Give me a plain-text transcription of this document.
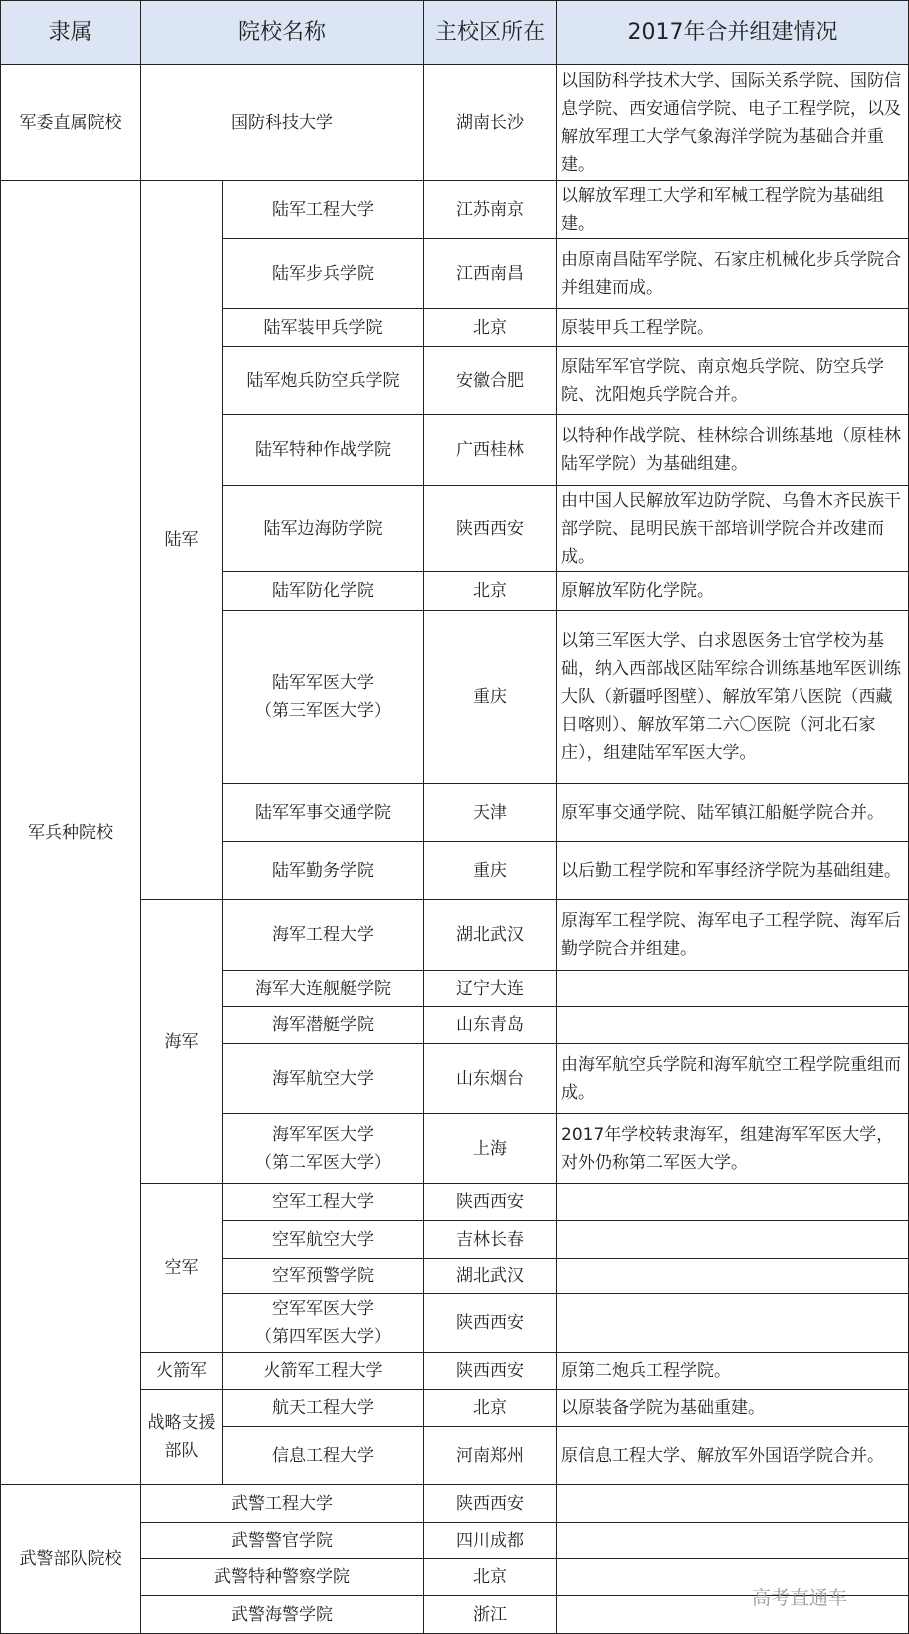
隶属	院校名称		主校区所在	2017年合并组建情况
军委直属院校	国防科技大学		湖南长沙	以国防科学技术大学、国际关系学院、国防信息学院、西安通信学院、电子工程学院，以及解放军理工大学气象海洋学院为基础合并重建。
军兵种院校	陆军	陆军工程大学	江苏南京	以解放军理工大学和军械工程学院为基础组建。
		陆军步兵学院	江西南昌	由原南昌陆军学院、石家庄机械化步兵学院合并组建而成。
		陆军装甲兵学院	北京	原装甲兵工程学院。
		陆军炮兵防空兵学院	安徽合肥	原陆军军官学院、南京炮兵学院、防空兵学院、沈阳炮兵学院合并。
		陆军特种作战学院	广西桂林	以特种作战学院、桂林综合训练基地（原桂林陆军学院）为基础组建。
		陆军边海防学院	陕西西安	由中国人民解放军边防学院、乌鲁木齐民族干部学院、昆明民族干部培训学院合并改建而成。
		陆军防化学院	北京	原解放军防化学院。
		陆军军医大学
（第三军医大学）	重庆	以第三军医大学、白求恩医务士官学校为基础，纳入西部战区陆军综合训练基地军医训练大队（新疆呼图壁）、解放军第八医院（西藏日喀则）、解放军第二六〇医院（河北石家庄），组建陆军军医大学。
		陆军军事交通学院	天津	原军事交通学院、陆军镇江船艇学院合并。
		陆军勤务学院	重庆	以后勤工程学院和军事经济学院为基础组建。
	海军	海军工程大学	湖北武汉	原海军工程学院、海军电子工程学院、海军后勤学院合并组建。
		海军大连舰艇学院	辽宁大连	
		海军潜艇学院	山东青岛	
		海军航空大学	山东烟台	由海军航空兵学院和海军航空工程学院重组而成。
		海军军医大学
（第二军医大学）	上海	2017年学校转隶海军，组建海军军医大学，对外仍称第二军医大学。
	空军	空军工程大学	陕西西安	
		空军航空大学	吉林长春	
		空军预警学院	湖北武汉	
		空军军医大学
（第四军医大学）	陕西西安	
	火箭军	火箭军工程大学	陕西西安	原第二炮兵工程学院。
	战略支援部队	航天工程大学	北京	以原装备学院为基础重建。
		信息工程大学	河南郑州	原信息工程大学、解放军外国语学院合并。
武警部队院校	武警工程大学		陕西西安	
	武警警官学院		四川成都	
	武警特种警察学院		北京	
	武警海警学院		浙江	
高考直通车
